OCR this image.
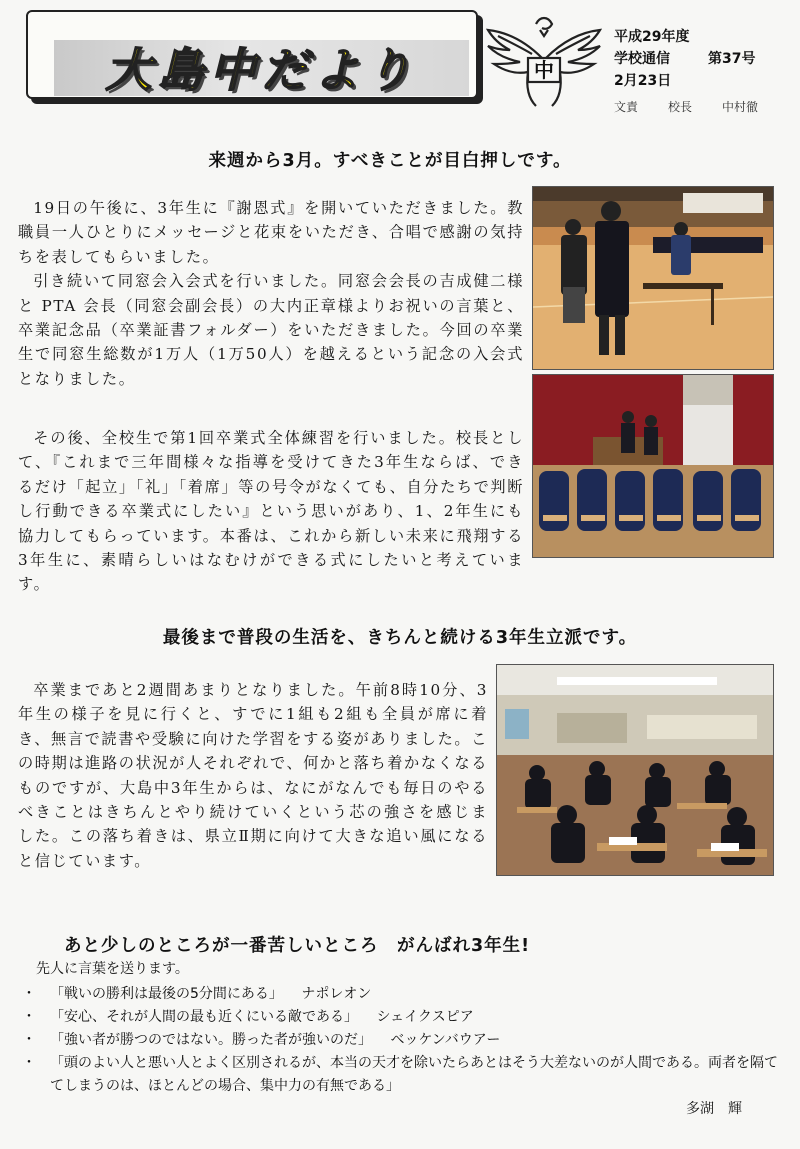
大島中だより	中
平成29年度
学校通信	第37号
2月23日
文責 校長 中村徹
来週から3月。すべきことが目白押しです。

19日の午後に、3年生に『謝恩式』を開いていただきました。教職員一人ひとりにメッセージと花束をいただき、合唱で感謝の気持ちを表してもらいました。

引き続いて同窓会入会式を行いました。同窓会会長の吉成健二様と PTA 会長（同窓会副会長）の大内正章様よりお祝いの言葉と、卒業記念品（卒業証書フォルダー）をいただきました。今回の卒業生で同窓生総数が1万人（1万50人）を越えるという記念の入会式となりました。

その後、全校生で第1回卒業式全体練習を行いました。校長として、『これまで三年間様々な指導を受けてきた3年生ならば、できるだけ「起立」「礼」「着席」等の号令がなくても、自分たちで判断し行動できる卒業式にしたい』という思いがあり、1、2年生にも協力してもらっています。本番は、これから新しい未来に飛翔する3年生に、素晴らしいはなむけができる式にしたいと考えています。

最後まで普段の生活を、きちんと続ける3年生立派です。

卒業まであと2週間あまりとなりました。午前8時10分、3年生の様子を見に行くと、すでに1組も2組も全員が席に着き、無言で読書や受験に向けた学習をする姿がありました。この時期は進路の状況が人それぞれで、何かと落ち着かなくなるものですが、大島中3年生からは、なにがなんでも毎日のやるべきことはきちんとやり続けていくという芯の強さを感じました。この落ち着きは、県立Ⅱ期に向けて大きな追い風になると信じています。

あと少しのところが一番苦しいところ　がんばれ3年生!
先人に言葉を送ります。
・ 「戦いの勝利は最後の5分間にある」 ナポレオン
・ 「安心、それが人間の最も近くにいる敵である」 シェイクスピア
・ 「強い者が勝つのではない。勝った者が強いのだ」 ベッケンバウアー
・ 「頭のよい人と悪い人とよく区別されるが、本当の天才を除いたらあとはそう大差ないのが人間である。両者を隔ててしまうのは、ほとんどの場合、集中力の有無である」
多湖　輝
